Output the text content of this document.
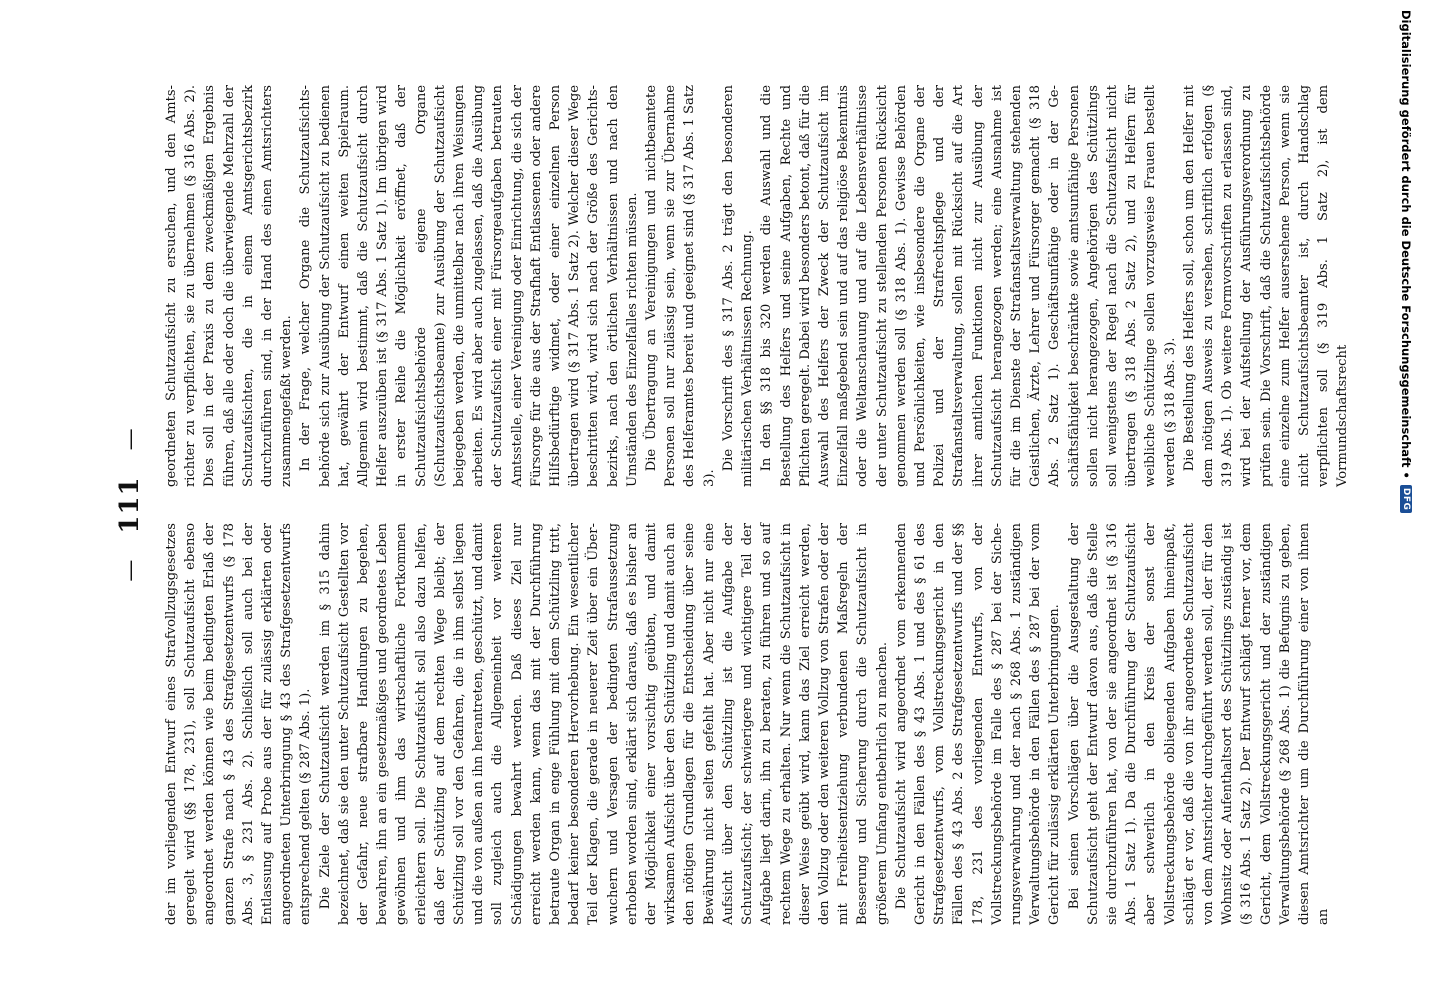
—
111
—

der im vorliegenden Entwurf eines Strafvollzugsgesetzes geregelt wird (§§ 178, 231), soll Schutzaufsicht ebenso angeordnet werden können wie beim bedingten Erlaß der ganzen Strafe nach § 43 des Strafgesetzentwurfs (§ 178 Abs. 3, § 231 Abs. 2). Schließlich soll auch bei der Entlassung auf Probe aus der für zulässig erklärten oder angeordneten Unterbringung § 43 des Strafgesetzentwurfs entsprechend gelten (§ 287 Abs. 1). Die Ziele der Schutzaufsicht werden im § 315 dahin bezeichnet, daß sie den unter Schutzaufsicht Gestellten vor der Gefahr, neue strafbare Handlungen zu begehen, bewahren, ihn an ein gesetzmäßiges und geordnetes Leben gewöhnen und ihm das wirtschaftliche Fortkommen erleichtern soll. Die Schutzaufsicht soll also dazu helfen, daß der Schützling auf dem rechten Wege bleibt; der Schützling soll vor den Gefahren, die in ihm selbst liegen und die von außen an ihn herantreten, geschützt, und damit soll zugleich auch die Allgemeinheit vor weiteren Schädigungen bewahrt werden. Daß dieses Ziel nur erreicht werden kann, wenn das mit der Durchführung betraute Organ in enge Fühlung mit dem Schützling tritt, bedarf keiner besonderen Hervorhebung. Ein wesentlicher Teil der Klagen, die gerade in neuerer Zeit über ein Überwuchern und Versagen der bedingten Strafaussetzung erhoben worden sind, erklärt sich daraus, daß es bisher an der Möglichkeit einer vorsichtig geübten, und damit wirksamen Aufsicht über den Schützling und damit auch an den nötigen Grundlagen für die Entscheidung über seine Bewährung nicht selten gefehlt hat. Aber nicht nur eine Aufsicht über den Schützling ist die Aufgabe der Schutzaufsicht; der schwierigere und wichtigere Teil der Aufgabe liegt darin, ihn zu beraten, zu führen und so auf rechtem Wege zu erhalten. Nur wenn die Schutzaufsicht in dieser Weise geübt wird, kann das Ziel erreicht werden, den Vollzug oder den weiteren Vollzug von Strafen oder der mit Freiheitsentziehung verbundenen Maßregeln der Besserung und Sicherung durch die Schutzaufsicht in größerem Umfang entbehrlich zu machen. Die Schutzaufsicht wird angeordnet vom erkennenden Gericht in den Fällen des § 43 Abs. 1 und des § 61 des Strafgesetzentwurfs, vom Vollstreckungsgericht in den Fällen des § 43 Abs. 2 des Strafgesetzentwurfs und der §§ 178, 231 des vorliegenden Entwurfs, von der Vollstreckungsbehörde im Falle des § 287 bei der Sicherungsverwahrung und der nach § 268 Abs. 1 zuständigen Verwaltungsbehörde in den Fällen des § 287 bei der vom Gericht für zulässig erklärten Unterbringungen. Bei seinen Vorschlägen über die Ausgestaltung der Schutzaufsicht geht der Entwurf davon aus, daß die Stelle sie durchzuführen hat, von der sie angeordnet ist (§ 316 Abs. 1 Satz 1). Da die Durchführung der Schutzaufsicht aber schwerlich in den Kreis der sonst der Vollstreckungsbehörde obliegenden Aufgaben hineinpaßt, schlägt er vor, daß die von ihr angeordnete Schutzaufsicht von dem Amtsrichter durchgeführt werden soll, der für den Wohnsitz oder Aufenthaltsort des Schützlings zuständig ist (§ 316 Abs. 1 Satz 2). Der Entwurf schlägt ferner vor, dem Gericht, dem Vollstreckungsgericht und der zuständigen Verwaltungsbehörde (§ 268 Abs. 1) die Befugnis zu geben, diesen Amtsrichter um die Durchführung einer von ihnen an

geordneten Schutzaufsicht zu ersuchen, und den Amtsrichter zu verpflichten, sie zu übernehmen (§ 316 Abs. 2). Dies soll in der Praxis zu dem zweckmäßigen Ergebnis führen, daß alle oder doch die überwiegende Mehrzahl der Schutzaufsichten, die in einem Amtsgerichtsbezirk durchzuführen sind, in der Hand des einen Amtsrichters zusammengefaßt werden. In der Frage, welcher Organe die Schutzaufsichtsbehörde sich zur Ausübung der Schutzaufsicht zu bedienen hat, gewährt der Entwurf einen weiten Spielraum. Allgemein wird bestimmt, daß die Schutzaufsicht durch Helfer auszuüben ist (§ 317 Abs. 1 Satz 1). Im übrigen wird in erster Reihe die Möglichkeit eröffnet, daß der Schutzaufsichtsbehörde eigene Organe (Schutzaufsichtsbeamte) zur Ausübung der Schutzaufsicht beigegeben werden, die unmittelbar nach ihren Weisungen arbeiten. Es wird aber auch zugelassen, daß die Ausübung der Schutzaufsicht einer mit Fürsorgeaufgaben betrauten Amtsstelle, einer Vereinigung oder Einrichtung, die sich der Fürsorge für die aus der Strafhaft Entlassenen oder andere Hilfsbedürftige widmet, oder einer einzelnen Person übertragen wird (§ 317 Abs. 1 Satz 2). Welcher dieser Wege beschritten wird, wird sich nach der Größe des Gerichtsbezirks, nach den örtlichen Verhältnissen und nach den Umständen des Einzelfalles richten müssen. Die Übertragung an Vereinigungen und nichtbeamtete Personen soll nur zulässig sein, wenn sie zur Übernahme des Helferamtes bereit und geeignet sind (§ 317 Abs. 1 Satz 3).

Die Vorschrift des § 317 Abs. 2 trägt den besonderen militärischen Verhältnissen Rechnung. In den §§ 318 bis 320 werden die Auswahl und die Bestellung des Helfers und seine Aufgaben, Rechte und Pflichten geregelt. Dabei wird besonders betont, daß für die Auswahl des Helfers der Zweck der Schutzaufsicht im Einzelfall maßgebend sein und auf das religiöse Bekenntnis oder die Weltanschauung und auf die Lebensverhältnisse der unter Schutzaufsicht zu stellenden Personen Rücksicht genommen werden soll (§ 318 Abs. 1). Gewisse Behörden und Persönlichkeiten, wie insbesondere die Organe der Polizei und der Strafrechtspflege und der Strafanstaltsverwaltung, sollen mit Rücksicht auf die Art ihrer amtlichen Funktionen nicht zur Ausübung der Schutzaufsicht herangezogen werden; eine Ausnahme ist für die im Dienste der Strafanstaltsverwaltung stehenden Geistlichen, Ärzte, Lehrer und Fürsorger gemacht (§ 318 Abs. 2 Satz 1). Geschäftsunfähige oder in der Geschäftsfähigkeit beschränkte sowie amtsunfähige Personen sollen nicht herangezogen, Angehörigen des Schützlings soll wenigstens der Regel nach die Schutzaufsicht nicht übertragen (§ 318 Abs. 2 Satz 2), und zu Helfern für weibliche Schützlinge sollen vorzugsweise Frauen bestellt werden (§ 318 Abs. 3). Die Bestellung des Helfers soll, schon um den Helfer mit dem nötigen Ausweis zu versehen, schriftlich erfolgen (§ 319 Abs. 1). Ob weitere Formvorschriften zu erlassen sind, wird bei der Aufstellung der Ausführungsverordnung zu prüfen sein. Die Vorschrift, daß die Schutzaufsichtsbehörde eine einzelne zum Helfer ausersehene Person, wenn sie nicht Schutzaufsichtsbeamter ist, durch Handschlag verpflichten soll (§ 319 Abs. 1 Satz 2), ist dem Vormundschaftsrecht	Digitalisierung gefördert durch die Deutsche Forschungsgemeinschaft •
DFG
